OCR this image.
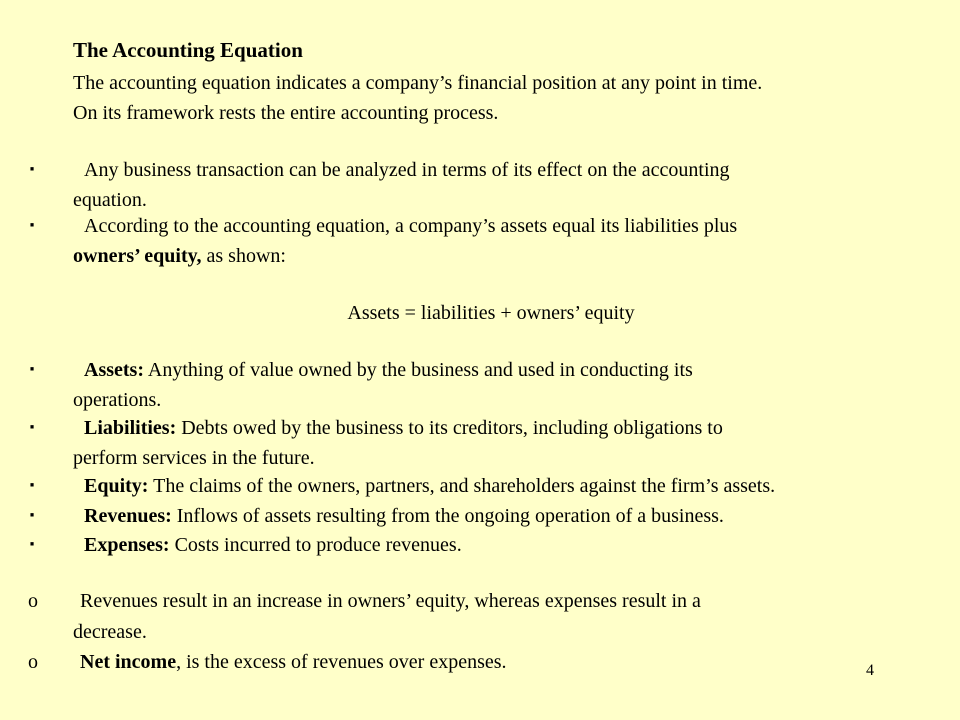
The Accounting Equation
The accounting equation indicates a company’s financial position at any point in time.
On its framework rests the entire accounting process.
·	Any business transaction can be analyzed in terms of its effect on the accounting
equation.
·	According to the accounting equation, a company’s assets equal its liabilities plus
owners’ equity, as shown:
Assets = liabilities + owners’ equity
·	Assets: Anything of value owned by the business and used in conducting its
operations.
·	Liabilities: Debts owed by the business to its creditors, including obligations to
perform services in the future.
·	Equity: The claims of the owners, partners, and shareholders against the firm’s assets.
·	Revenues: Inflows of assets resulting from the ongoing operation of a business.
·	Expenses: Costs incurred to produce revenues.
o Revenues result in an increase in owners’ equity, whereas expenses result in a
decrease.
o Net income, is the excess of revenues over expenses.	4
